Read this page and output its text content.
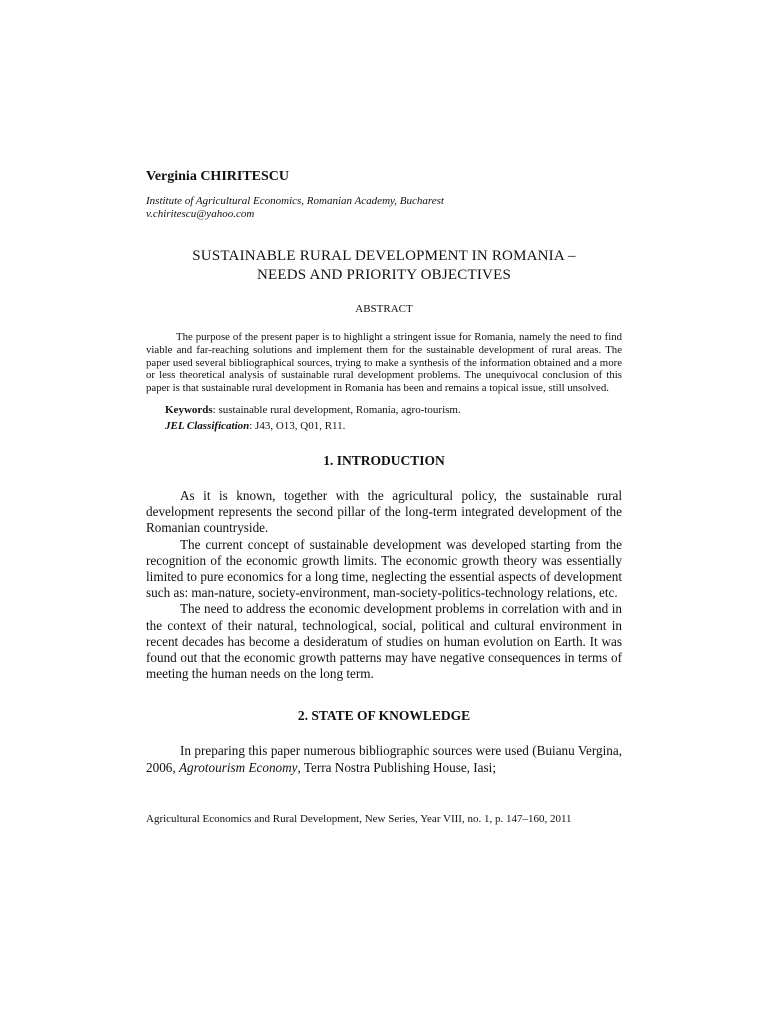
Verginia CHIRITESCU
Institute of Agricultural Economics, Romanian Academy, Bucharest
v.chiritescu@yahoo.com
SUSTAINABLE RURAL DEVELOPMENT IN ROMANIA –
NEEDS AND PRIORITY OBJECTIVES
ABSTRACT
The purpose of the present paper is to highlight a stringent issue for Romania, namely the need to find viable and far-reaching solutions and implement them for the sustainable development of rural areas. The paper used several bibliographical sources, trying to make a synthesis of the information obtained and a more or less theoretical analysis of sustainable rural development problems. The unequivocal conclusion of this paper is that sustainable rural development in Romania has been and remains a topical issue, still unsolved.
Keywords: sustainable rural development, Romania, agro-tourism.
JEL Classification: J43, O13, Q01, R11.
1. INTRODUCTION

As it is known, together with the agricultural policy, the sustainable rural development represents the second pillar of the long-term integrated development of the Romanian countryside.

The current concept of sustainable development was developed starting from the recognition of the economic growth limits. The economic growth theory was essentially limited to pure economics for a long time, neglecting the essential aspects of development such as: man-nature, society-environment, man-society-politics-technology relations, etc.

The need to address the economic development problems in correlation with and in the context of their natural, technological, social, political and cultural environment in recent decades has become a desideratum of studies on human evolution on Earth. It was found out that the economic growth patterns may have negative consequences in terms of meeting the human needs on the long term.

2. STATE OF KNOWLEDGE

In preparing this paper numerous bibliographic sources were used (Buianu Vergina, 2006, Agrotourism Economy, Terra Nostra Publishing House, Iasi;

Agricultural Economics and Rural Development, New Series, Year VIII, no. 1, p. 147–160, 2011
